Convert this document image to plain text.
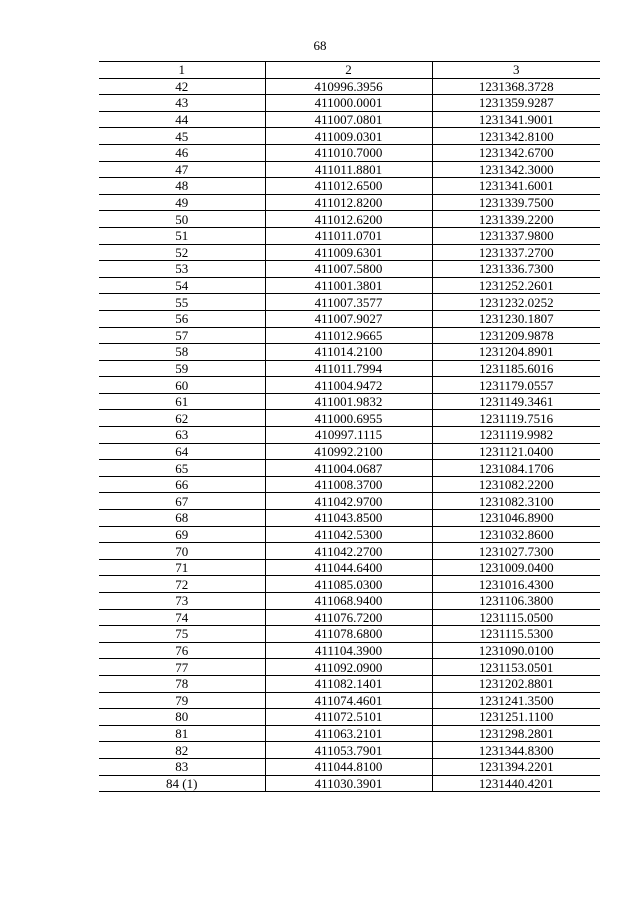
68
1	2	3
42	410996.3956	1231368.3728
43	411000.0001	1231359.9287
44	411007.0801	1231341.9001
45	411009.0301	1231342.8100
46	411010.7000	1231342.6700
47	411011.8801	1231342.3000
48	411012.6500	1231341.6001
49	411012.8200	1231339.7500
50	411012.6200	1231339.2200
51	411011.0701	1231337.9800
52	411009.6301	1231337.2700
53	411007.5800	1231336.7300
54	411001.3801	1231252.2601
55	411007.3577	1231232.0252
56	411007.9027	1231230.1807
57	411012.9665	1231209.9878
58	411014.2100	1231204.8901
59	411011.7994	1231185.6016
60	411004.9472	1231179.0557
61	411001.9832	1231149.3461
62	411000.6955	1231119.7516
63	410997.1115	1231119.9982
64	410992.2100	1231121.0400
65	411004.0687	1231084.1706
66	411008.3700	1231082.2200
67	411042.9700	1231082.3100
68	411043.8500	1231046.8900
69	411042.5300	1231032.8600
70	411042.2700	1231027.7300
71	411044.6400	1231009.0400
72	411085.0300	1231016.4300
73	411068.9400	1231106.3800
74	411076.7200	1231115.0500
75	411078.6800	1231115.5300
76	411104.3900	1231090.0100
77	411092.0900	1231153.0501
78	411082.1401	1231202.8801
79	411074.4601	1231241.3500
80	411072.5101	1231251.1100
81	411063.2101	1231298.2801
82	411053.7901	1231344.8300
83	411044.8100	1231394.2201
84 (1)	411030.3901	1231440.4201
